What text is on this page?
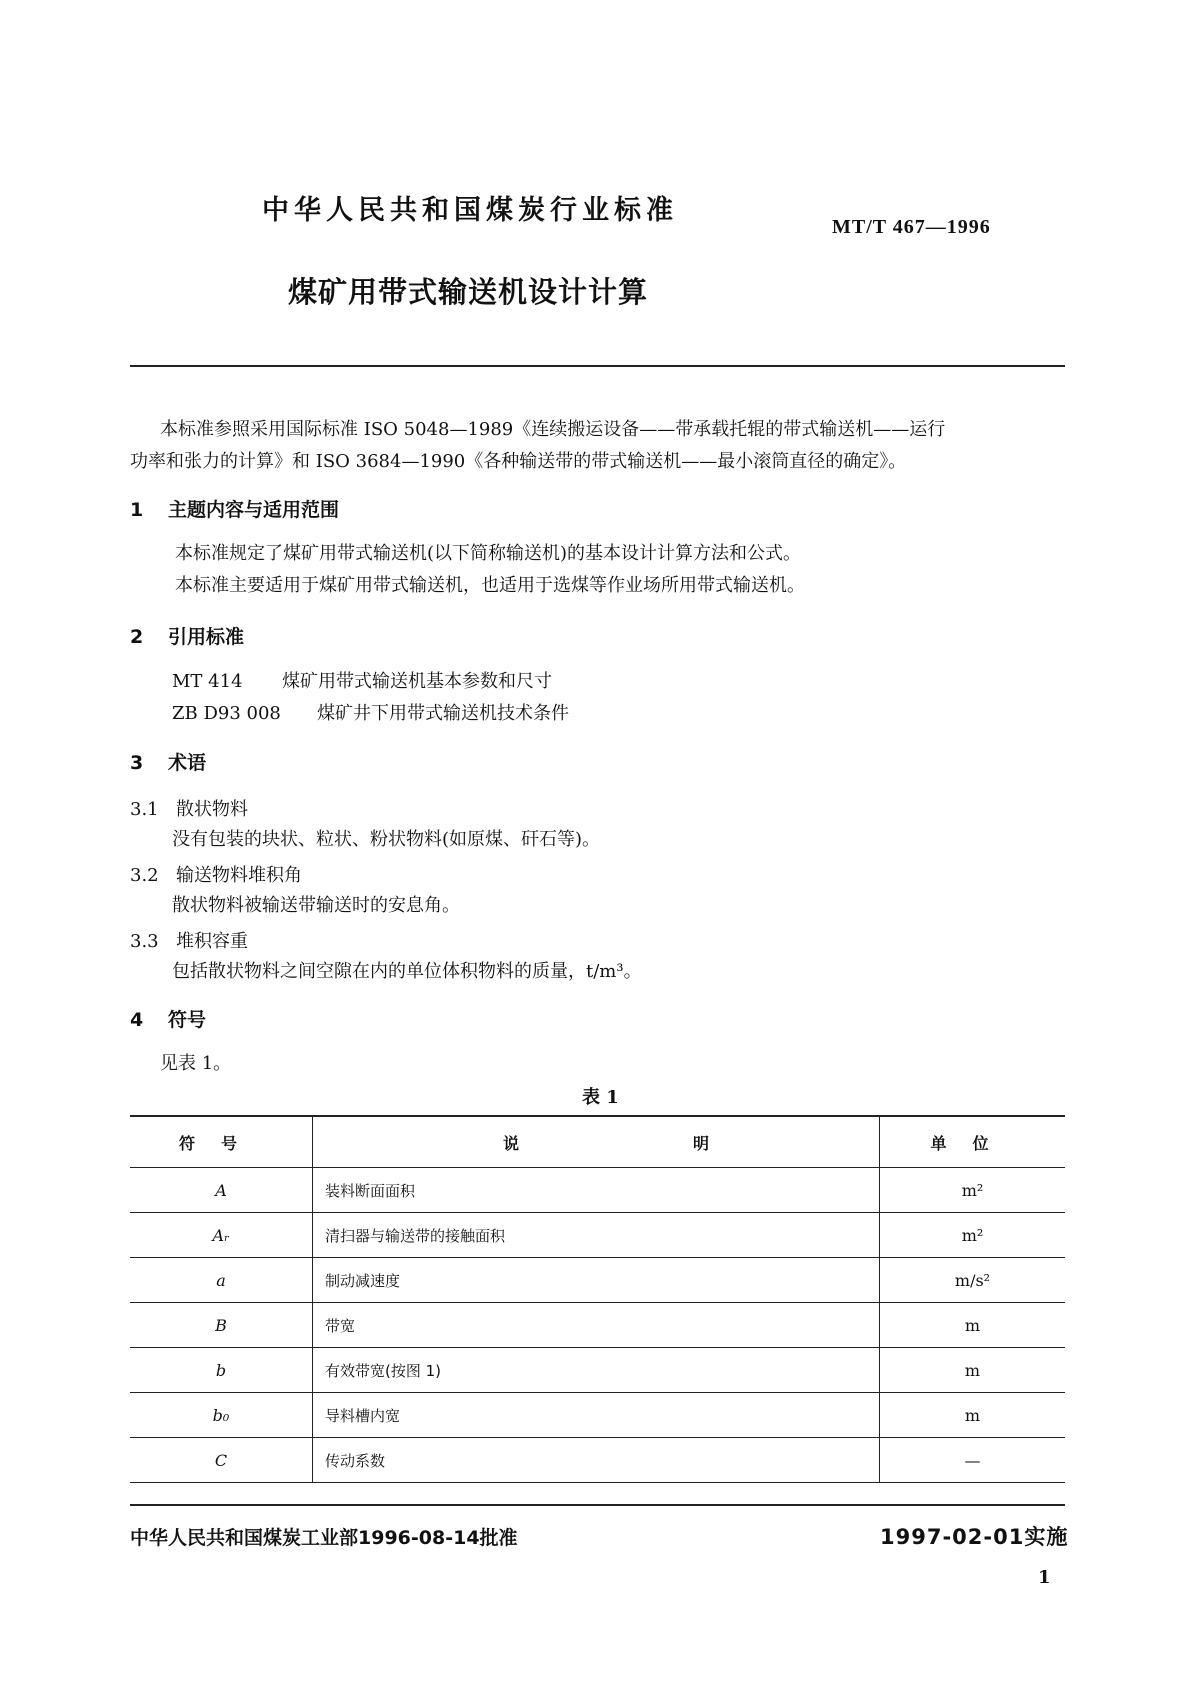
中华人民共和国煤炭行业标准
MT/T 467—1996
煤矿用带式输送机设计计算
本标准参照采用国际标准 ISO 5048—1989《连续搬运设备——带承载托辊的带式输送机——运行
功率和张力的计算》和 ISO 3684—1990《各种输送带的带式输送机——最小滚筒直径的确定》。
1 主题内容与适用范围
本标准规定了煤矿用带式输送机(以下简称输送机)的基本设计计算方法和公式。
本标准主要适用于煤矿用带式输送机，也适用于选煤等作业场所用带式输送机。
2 引用标准
MT 414 煤矿用带式输送机基本参数和尺寸
ZB D93 008 煤矿井下用带式输送机技术条件
3 术语
3.1 散状物料
没有包装的块状、粒状、粉状物料(如原煤、矸石等)。
3.2 输送物料堆积角
散状物料被输送带输送时的安息角。
3.3 堆积容重
包括散状物料之间空隙在内的单位体积物料的质量，t/m³。
4 符号
见表 1。
表 1
符号	说 明	单位
A	装料断面面积	m²
Aᵣ	清扫器与输送带的接触面积	m²
a	制动减速度	m/s²
B	带宽	m
b	有效带宽(按图 1)	m
b₀	导料槽内宽	m
C	传动系数	—
中华人民共和国煤炭工业部1996-08-14批准	1997-02-01实施
1
